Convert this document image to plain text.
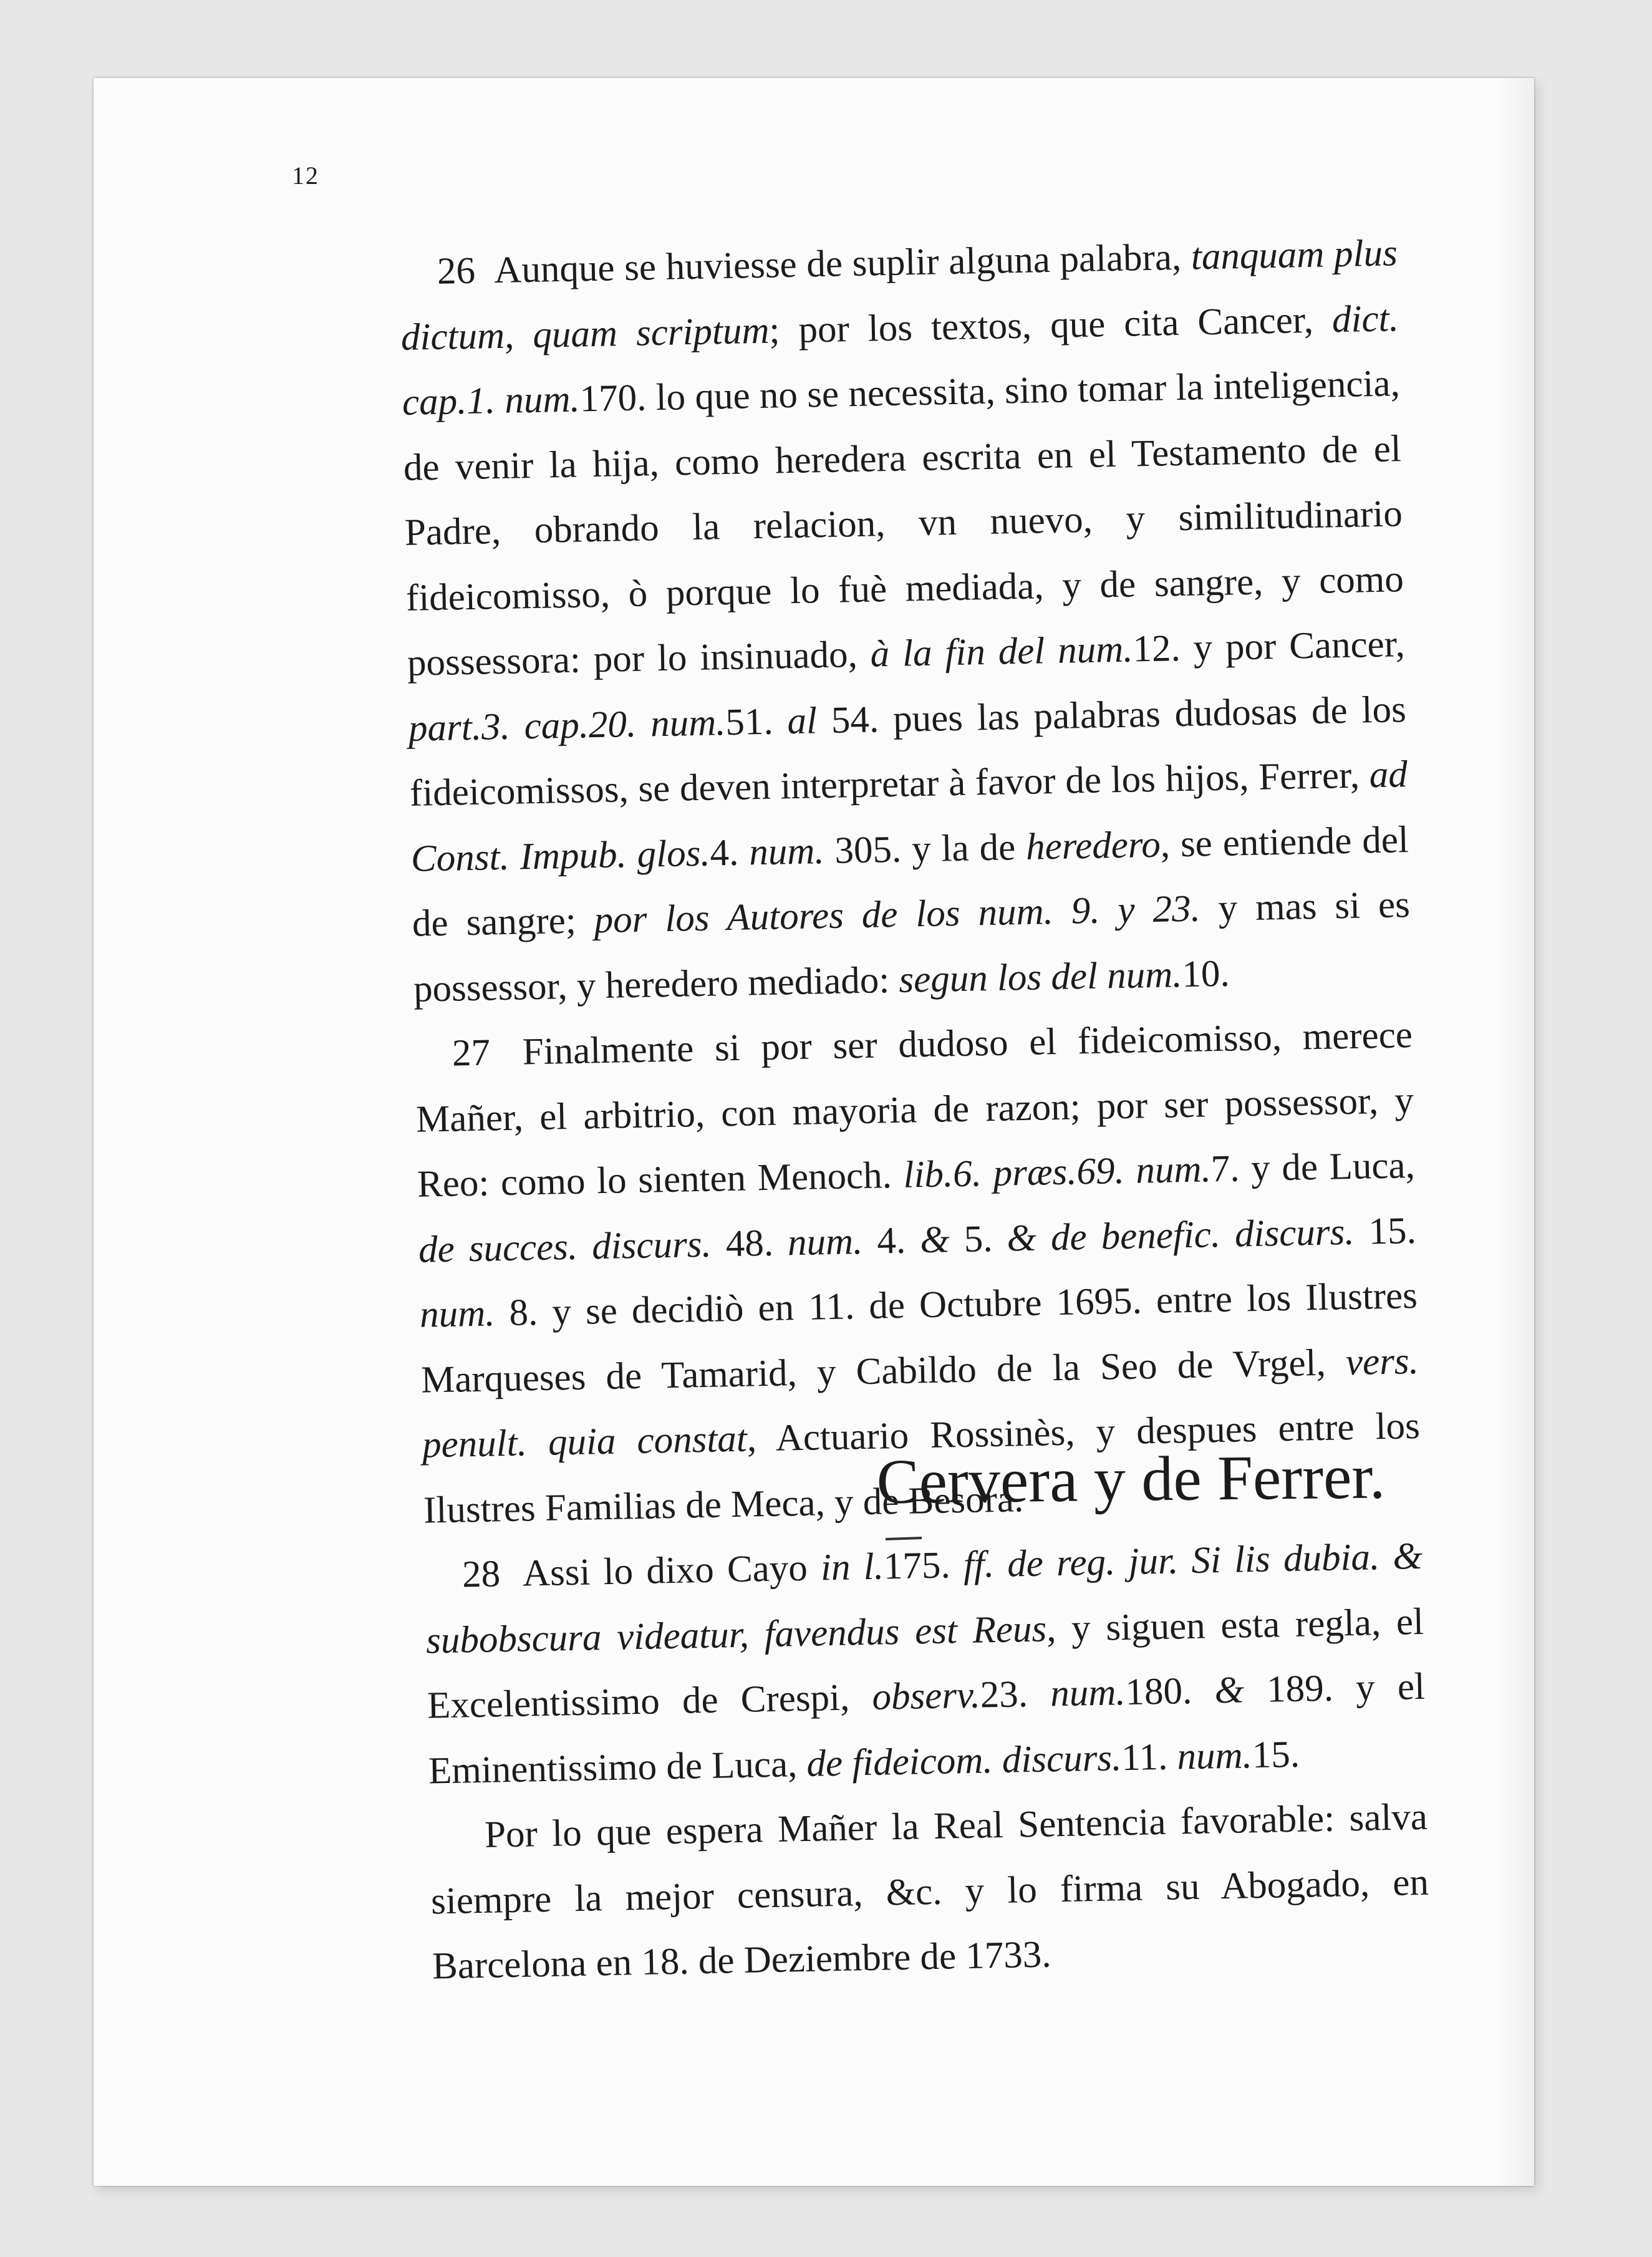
12

26 Aunque se huviesse de suplir alguna palabra, tanquam plus dictum, quam scriptum; por los textos, que cita Cancer, dict. cap.1. num.170. lo que no se necessita, sino tomar la inteligencia, de venir la hija, como heredera escrita en el Testamento de el Padre, obrando la relacion, vn nuevo, y similitudinario fideicomisso, ò porque lo fuè mediada, y de sangre, y como possessora: por lo insinuado, à la fin del num.12. y por Cancer, part.3. cap.20. num.51. al 54. pues las palabras dudosas de los fideicomissos, se deven interpretar à favor de los hijos, Ferrer, ad Const. Impub. glos.4. num. 305. y la de heredero, se entiende del de sangre; por los Autores de los num. 9. y 23. y mas si es possessor, y heredero mediado: segun los del num.10.

27 Finalmente si por ser dudoso el fideicomisso, merece Mañer, el arbitrio, con mayoria de razon; por ser possessor, y Reo: como lo sienten Menoch. lib.6. præs.69. num.7. y de Luca, de succes. discurs. 48. num. 4. & 5. & de benefic. discurs. 15. num. 8. y se decidiò en 11. de Octubre 1695. entre los Ilustres Marqueses de Tamarid, y Cabildo de la Seo de Vrgel, vers. penult. quia constat, Actuario Rossinès, y despues entre los Ilustres Familias de Meca, y de Besora.

28 Assi lo dixo Cayo in l.175. ff. de reg. jur. Si lis dubia. & subobscura videatur, favendus est Reus, y siguen esta regla, el Excelentissimo de Crespi, observ.23. num.180. & 189. y el Eminentissimo de Luca, de fideicom. discurs.11. num.15.

Por lo que espera Mañer la Real Sentencia favorable: salva siempre la mejor censura, &c. y lo firma su Abogado, en Barcelona en 18. de Deziembre de 1733.

Cervera y de Ferrer.
